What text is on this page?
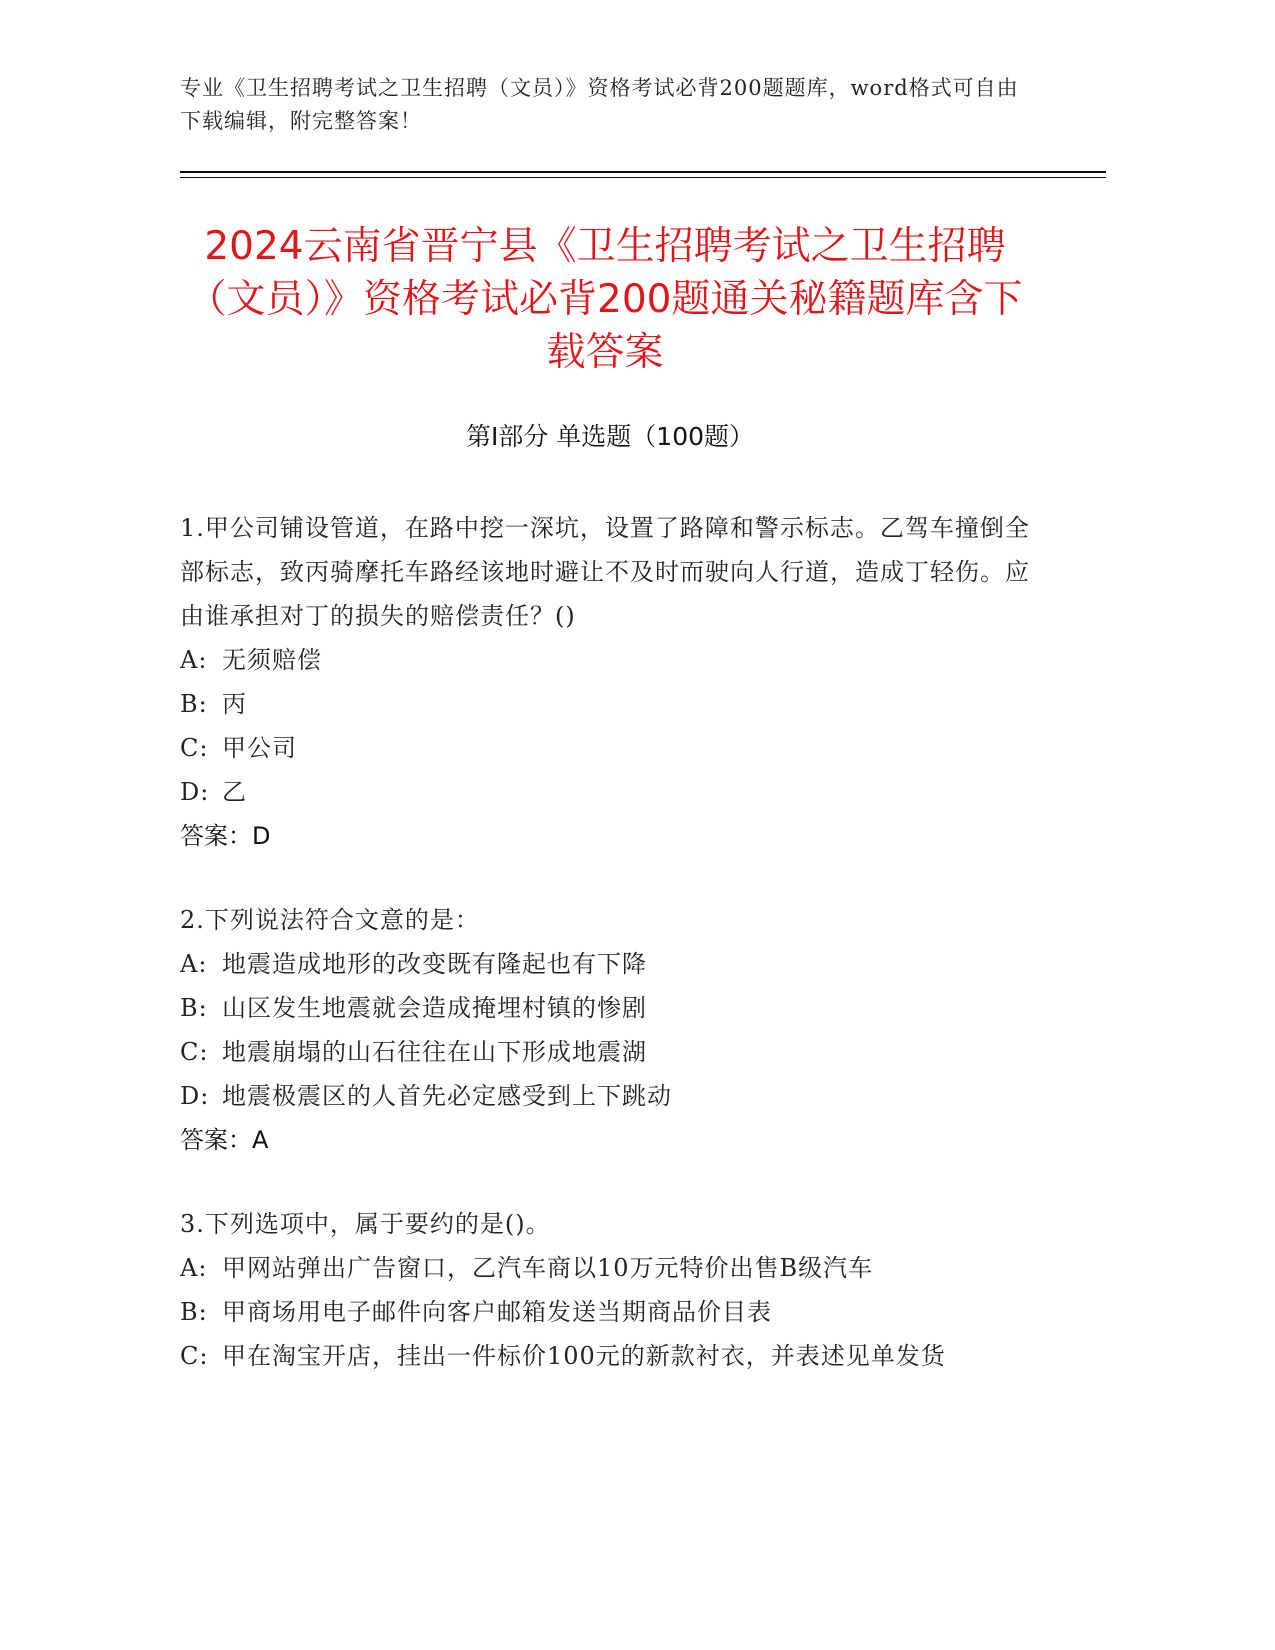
专业《卫生招聘考试之卫生招聘（文员）》资格考试必背200题题库，word格式可自由下载编辑，附完整答案！
2024云南省晋宁县《卫生招聘考试之卫生招聘（文员）》资格考试必背200题通关秘籍题库含下载答案
第Ⅰ部分 单选题（100题）
1.甲公司铺设管道，在路中挖一深坑，设置了路障和警示标志。乙驾车撞倒全部标志，致丙骑摩托车路经该地时避让不及时而驶向人行道，造成丁轻伤。应由谁承担对丁的损失的赔偿责任？()
A: 无须赔偿
B: 丙
C: 甲公司
D: 乙
答案：D
2.下列说法符合文意的是：
A: 地震造成地形的改变既有隆起也有下降
B: 山区发生地震就会造成掩埋村镇的惨剧
C: 地震崩塌的山石往往在山下形成地震湖
D: 地震极震区的人首先必定感受到上下跳动
答案：A
3.下列选项中，属于要约的是()。
A: 甲网站弹出广告窗口，乙汽车商以10万元特价出售B级汽车
B: 甲商场用电子邮件向客户邮箱发送当期商品价目表
C: 甲在淘宝开店，挂出一件标价100元的新款衬衣，并表述见单发货
